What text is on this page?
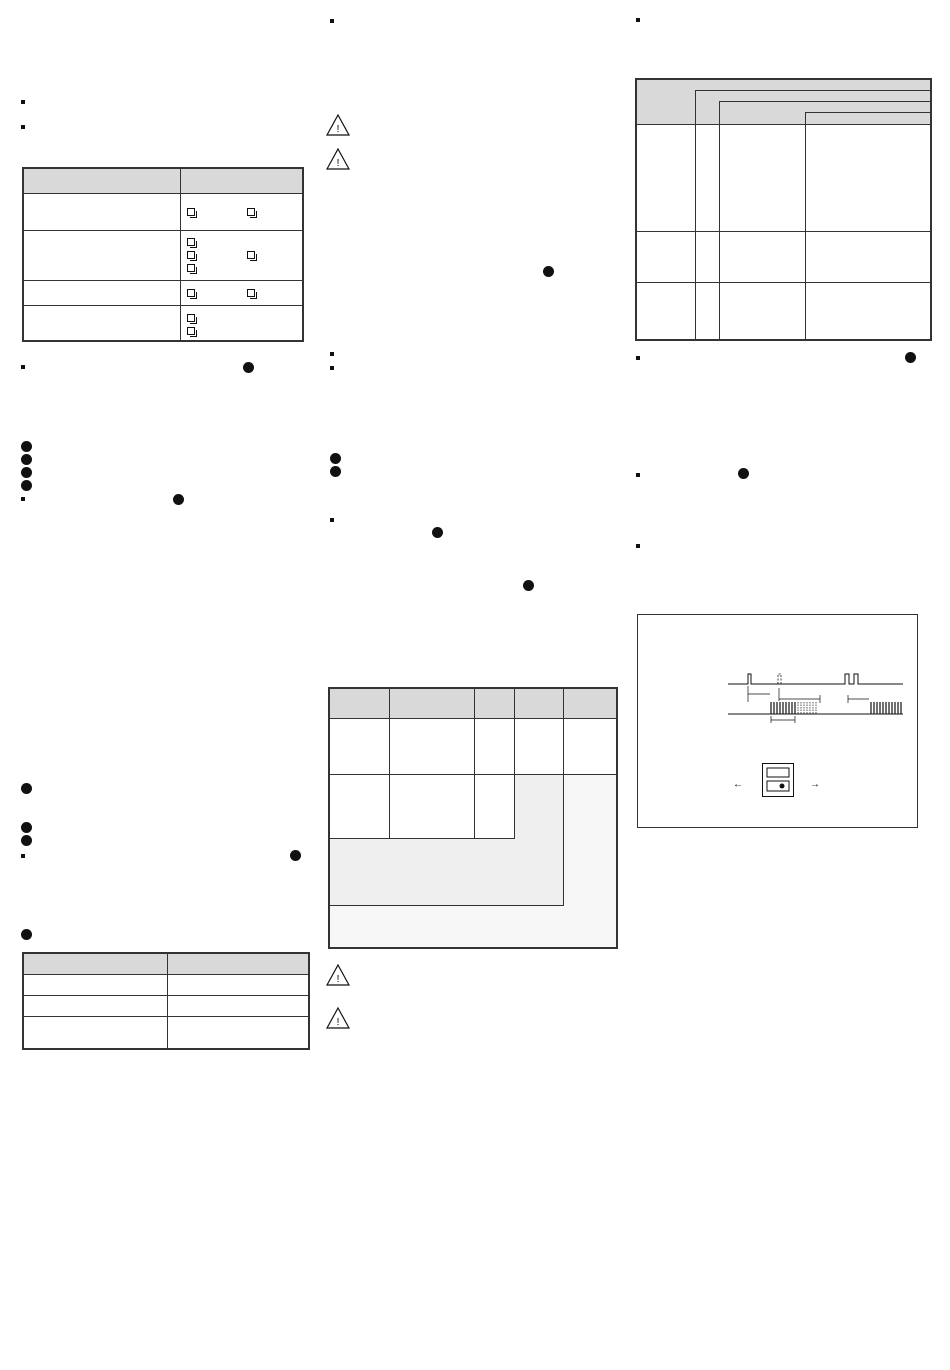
!
!
!
!
←	→
